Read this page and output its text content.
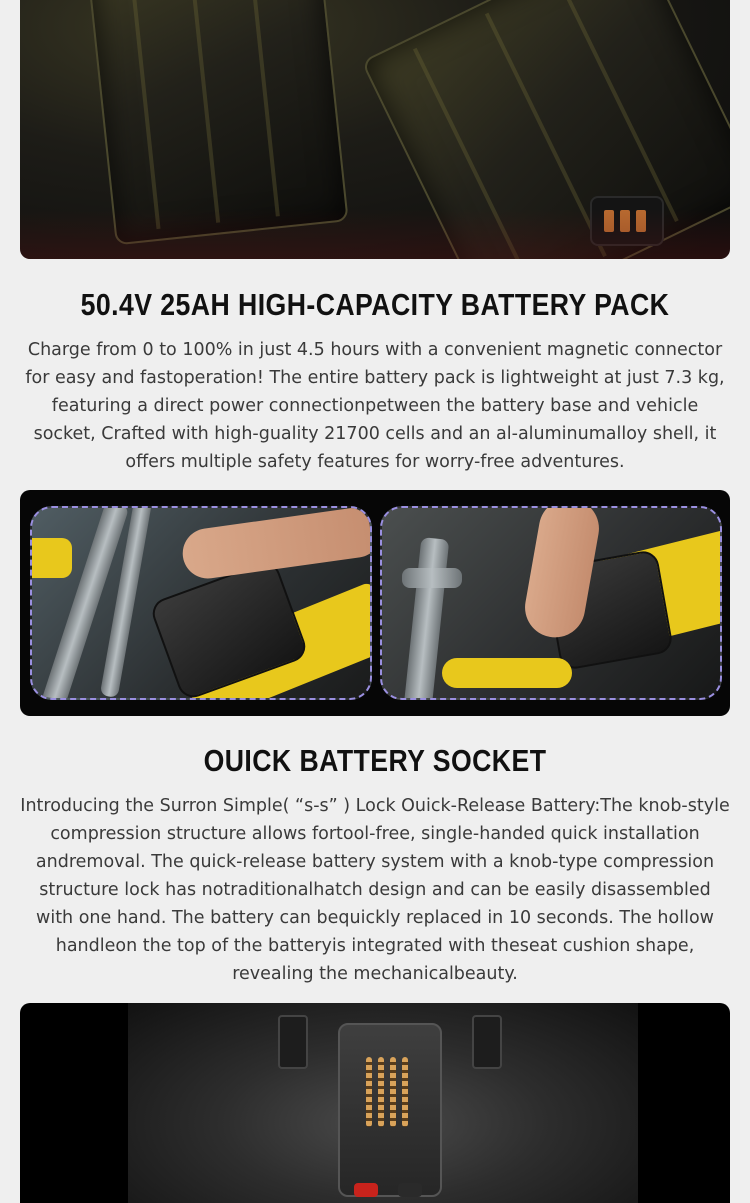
50.4V 25AH HIGH-CAPACITY BATTERY PACK

Charge from 0 to 100% in just 4.5 hours with a convenient magnetic connector for easy and fastoperation! The entire battery pack is lightweight at just 7.3 kg, featuring a direct power connectionpetween the battery base and vehicle socket, Crafted with high-guality 21700 cells and an al-aluminumalloy shell, it offers multiple safety features for worry-free adventures.

OUICK BATTERY SOCKET

Introducing the Surron Simple( “s-s” ) Lock Ouick-Release Battery:The knob-style compression structure allows fortool-free, single-handed quick installation andremoval. The quick-release battery system with a knob-type compression structure lock has notraditionalhatch design and can be easily disassembled with one hand. The battery can bequickly replaced in 10 seconds. The hollow handleon the top of the batteryis integrated with theseat cushion shape, revealing the mechanicalbeauty.
